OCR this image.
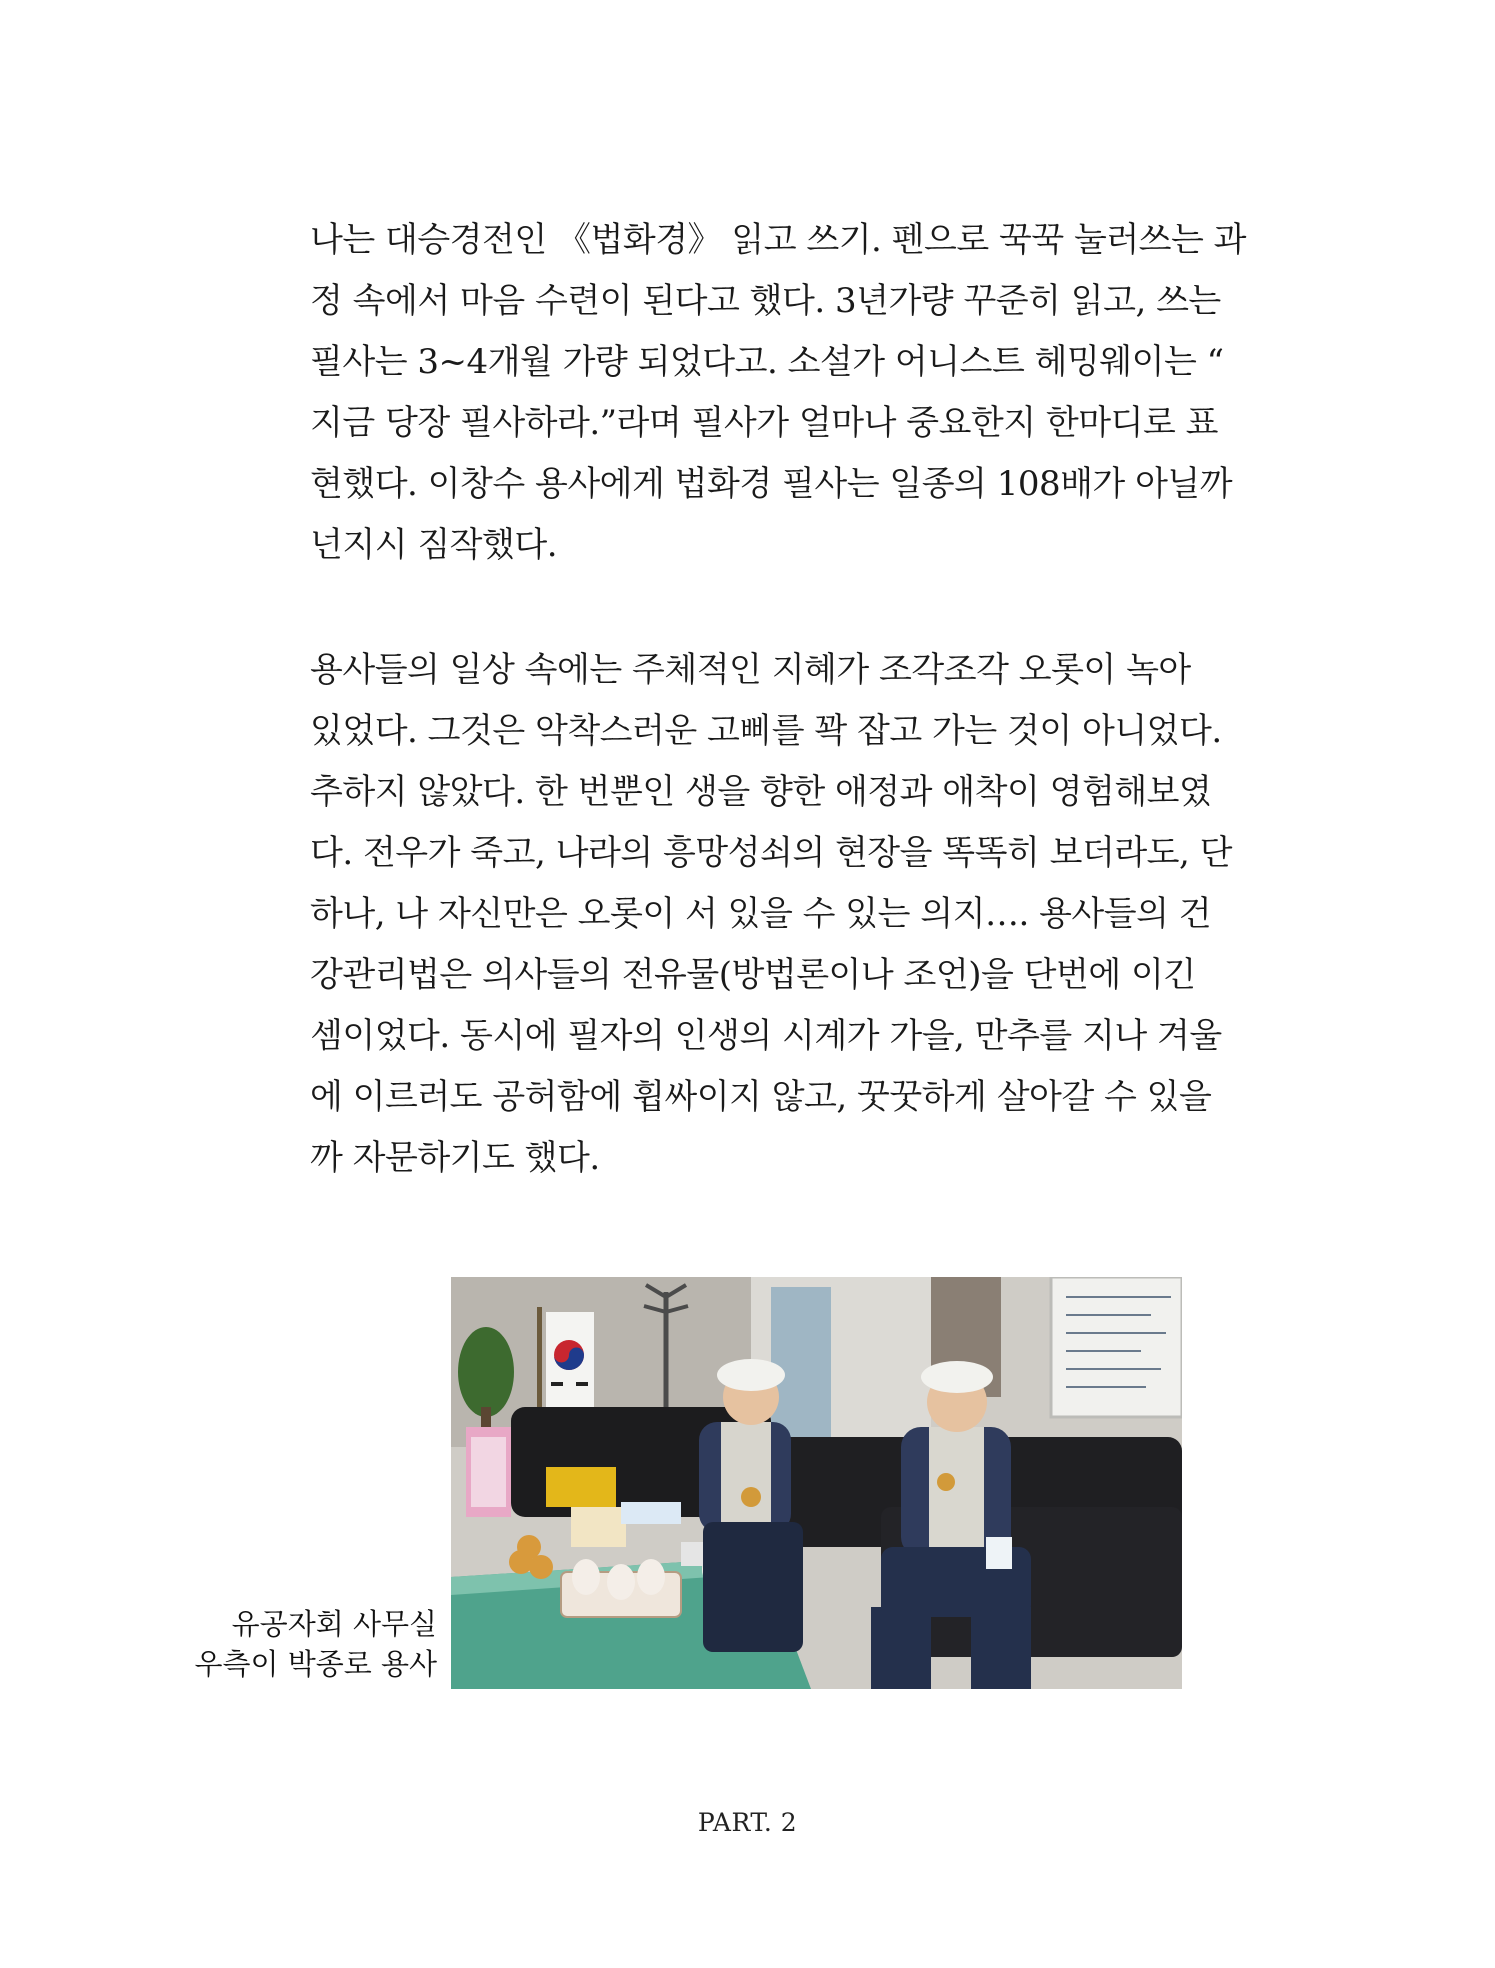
나는 대승경전인 《법화경》 읽고 쓰기. 펜으로 꾹꾹 눌러쓰는 과
정 속에서 마음 수련이 된다고 했다. 3년가량 꾸준히 읽고, 쓰는
필사는 3~4개월 가량 되었다고. 소설가 어니스트 헤밍웨이는 “
지금 당장 필사하라.”라며 필사가 얼마나 중요한지 한마디로 표
현했다. 이창수 용사에게 법화경 필사는 일종의 108배가 아닐까
넌지시 짐작했다.
용사들의 일상 속에는 주체적인 지혜가 조각조각 오롯이 녹아
있었다. 그것은 악착스러운 고삐를 꽉 잡고 가는 것이 아니었다.
추하지 않았다. 한 번뿐인 생을 향한 애정과 애착이 영험해보였
다. 전우가 죽고, 나라의 흥망성쇠의 현장을 똑똑히 보더라도, 단
하나, 나 자신만은 오롯이 서 있을 수 있는 의지…. 용사들의 건
강관리법은 의사들의 전유물(방법론이나 조언)을 단번에 이긴
셈이었다. 동시에 필자의 인생의 시계가 가을, 만추를 지나 겨울
에 이르러도 공허함에 휩싸이지 않고, 꿋꿋하게 살아갈 수 있을
까 자문하기도 했다.
유공자회 사무실
우측이 박종로 용사
PART. 2
